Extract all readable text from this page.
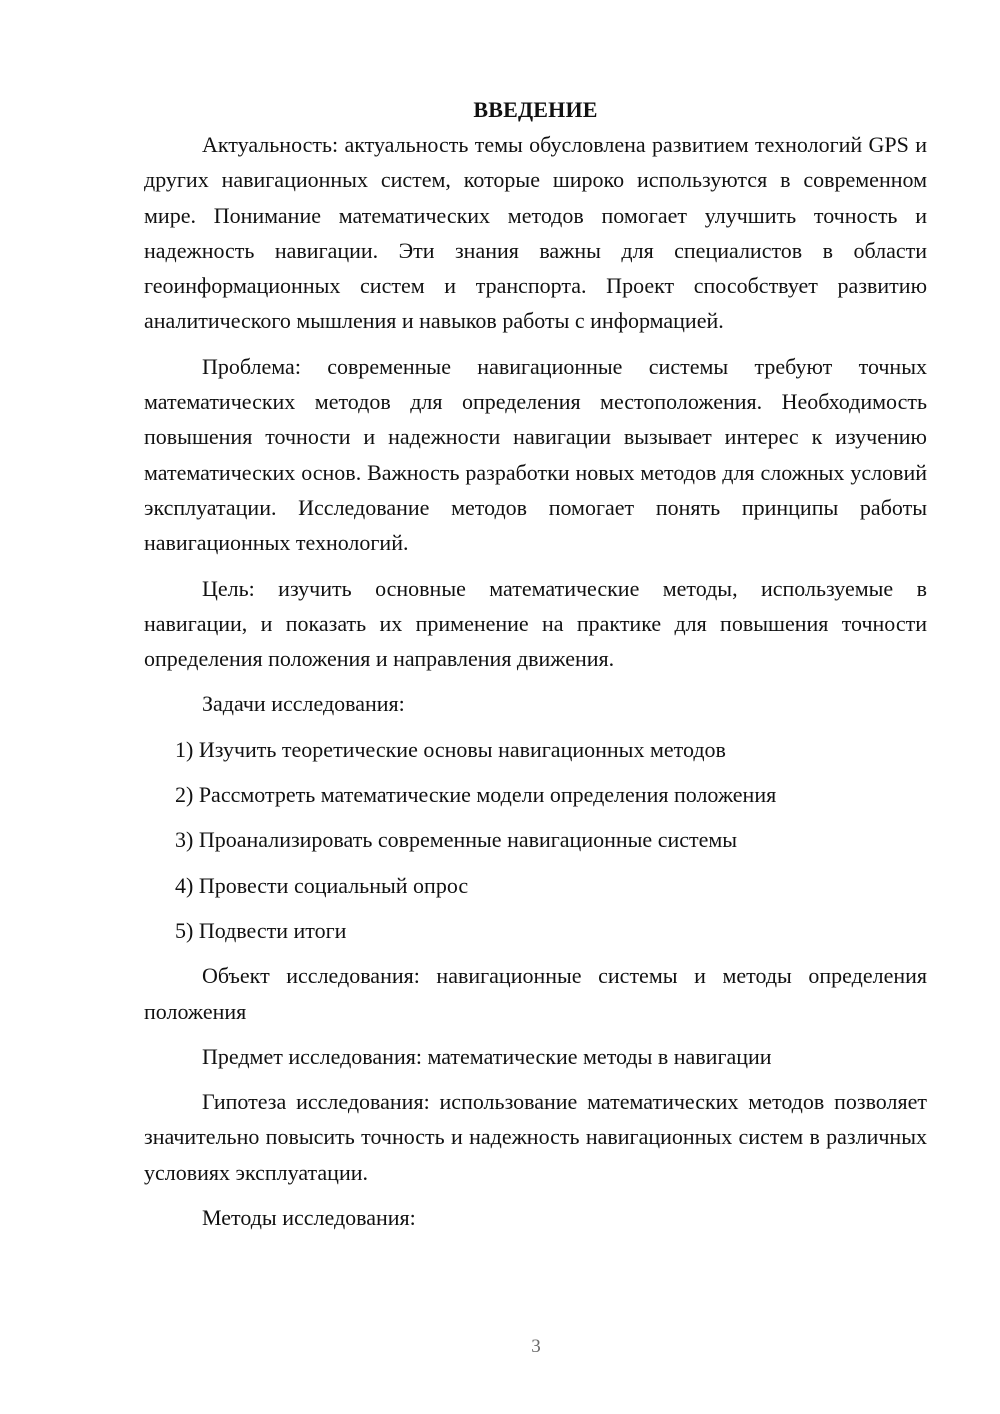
ВВЕДЕНИЕ

Актуальность: актуальность темы обусловлена развитием технологий GPS и других навигационных систем, которые широко используются в современном мире. Понимание математических методов помогает улучшить точность и надежность навигации. Эти знания важны для специалистов в области геоинформационных систем и транспорта. Проект способствует развитию аналитического мышления и навыков работы с информацией.

Проблема: современные навигационные системы требуют точных математических методов для определения местоположения. Необходимость повышения точности и надежности навигации вызывает интерес к изучению математических основ. Важность разработки новых методов для сложных условий эксплуатации. Исследование методов помогает понять принципы работы навигационных технологий.

Цель: изучить основные математические методы, используемые в навигации, и показать их применение на практике для повышения точности определения положения и направления движения.

Задачи исследования:

1) Изучить теоретические основы навигационных методов

2) Рассмотреть математические модели определения положения

3) Проанализировать современные навигационные системы

4) Провести социальный опрос

5) Подвести итоги

Объект исследования: навигационные системы и методы определения положения

Предмет исследования: математические методы в навигации

Гипотеза исследования: использование математических методов позволяет значительно повысить точность и надежность навигационных систем в различных условиях эксплуатации.

Методы исследования:

3
